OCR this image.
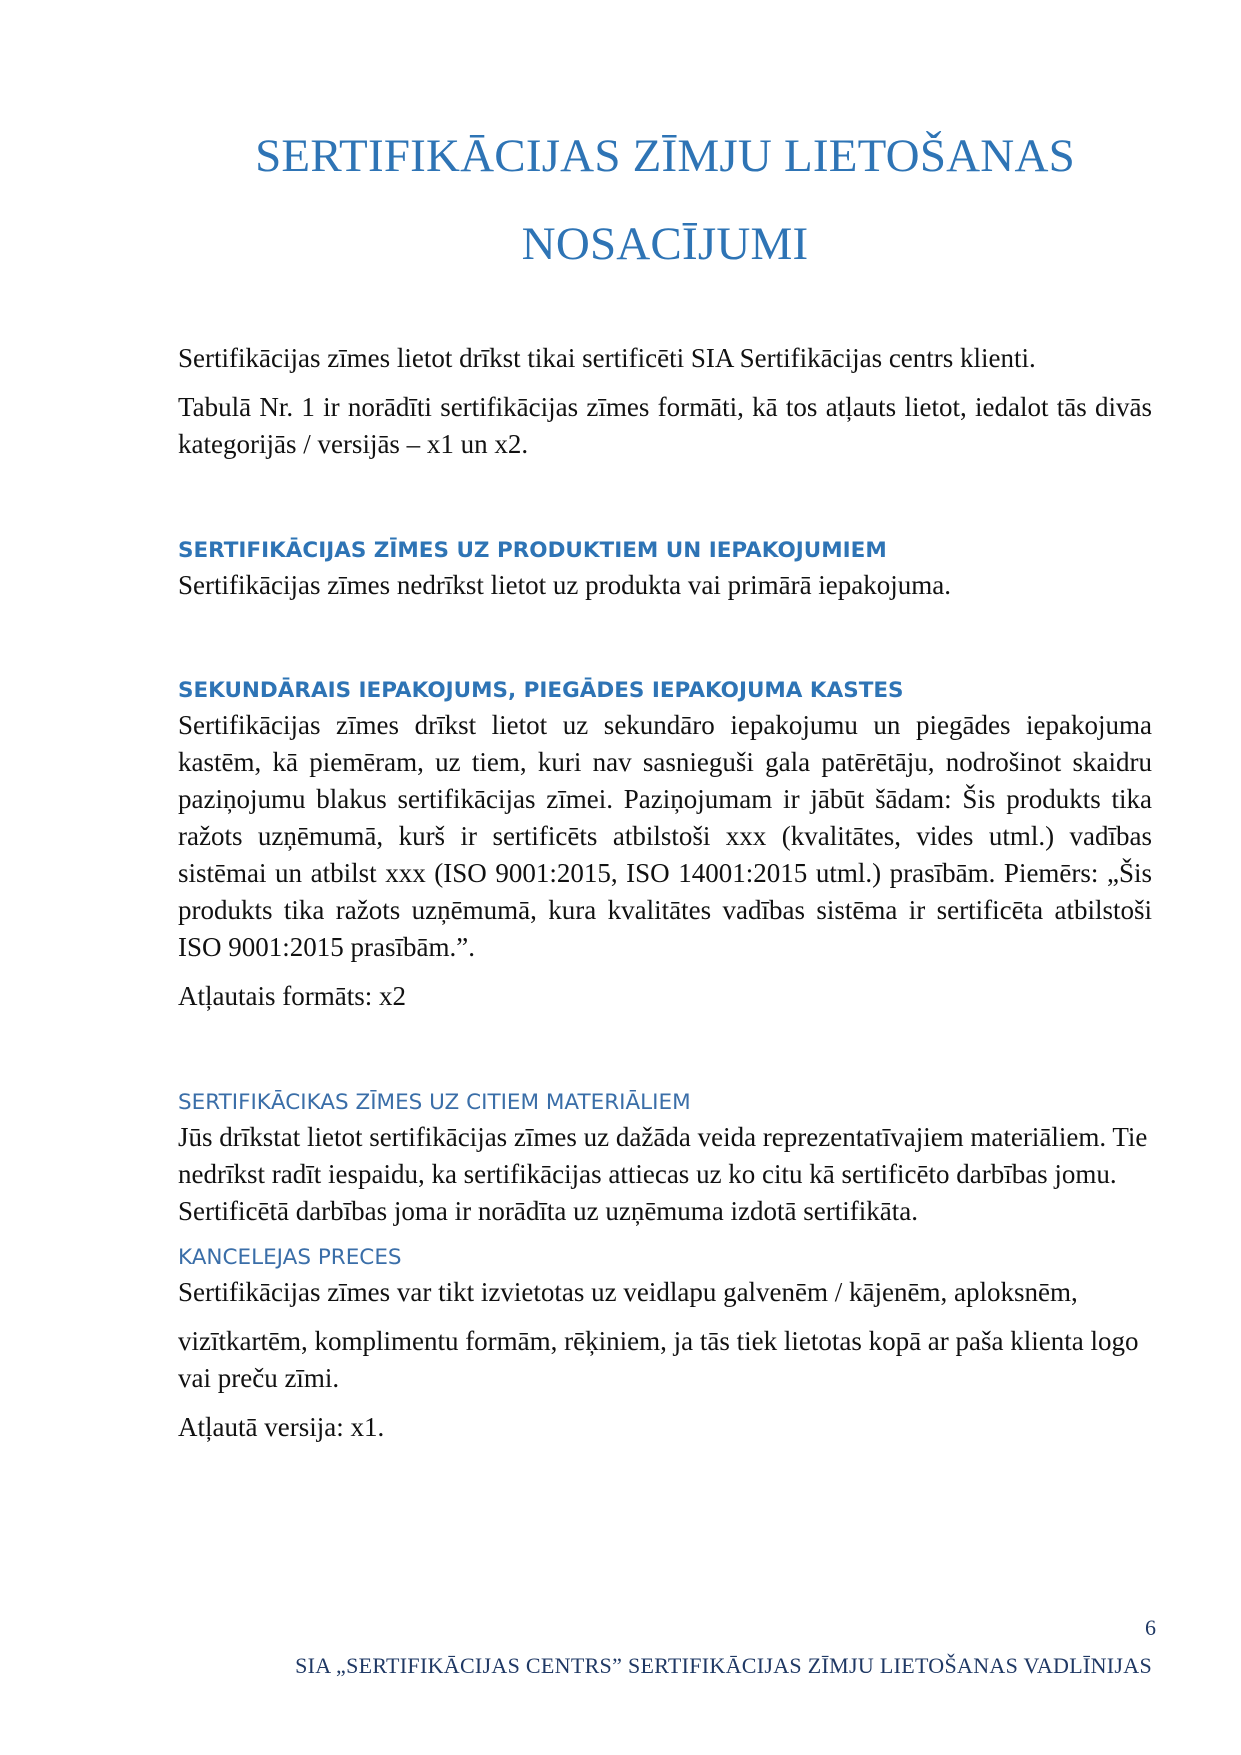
SERTIFIKĀCIJAS ZĪMJU LIETOŠANAS
NOSACĪJUMI

Sertifikācijas zīmes lietot drīkst tikai sertificēti SIA Sertifikācijas centrs klienti.

Tabulā Nr. 1 ir norādīti sertifikācijas zīmes formāti, kā tos atļauts lietot, iedalot tās divās kategorijās / versijās – x1 un x2.

SERTIFIKĀCIJAS ZĪMES UZ PRODUKTIEM UN IEPAKOJUMIEM

Sertifikācijas zīmes nedrīkst lietot uz produkta vai primārā iepakojuma.

SEKUNDĀRAIS IEPAKOJUMS, PIEGĀDES IEPAKOJUMA KASTES

Sertifikācijas zīmes drīkst lietot uz sekundāro iepakojumu un piegādes iepakojuma kastēm, kā piemēram, uz tiem, kuri nav sasnieguši gala patērētāju, nodrošinot skaidru paziņojumu blakus sertifikācijas zīmei. Paziņojumam ir jābūt šādam: Šis produkts tika ražots uzņēmumā, kurš ir sertificēts atbilstoši xxx (kvalitātes, vides utml.) vadības sistēmai un atbilst xxx (ISO 9001:2015, ISO 14001:2015 utml.) prasībām. Piemērs: „Šis produkts tika ražots uzņēmumā, kura kvalitātes vadības sistēma ir sertificēta atbilstoši ISO 9001:2015 prasībām.”.

Atļautais formāts: x2

SERTIFIKĀCIKAS ZĪMES UZ CITIEM MATERIĀLIEM

Jūs drīkstat lietot sertifikācijas zīmes uz dažāda veida reprezentatīvajiem materiāliem. Tie nedrīkst radīt iespaidu, ka sertifikācijas attiecas uz ko citu kā sertificēto darbības jomu. Sertificētā darbības joma ir norādīta uz uzņēmuma izdotā sertifikāta.

KANCELEJAS PRECES

Sertifikācijas zīmes var tikt izvietotas uz veidlapu galvenēm / kājenēm, aploksnēm,

vizītkartēm, komplimentu formām, rēķiniem, ja tās tiek lietotas kopā ar paša klienta logo vai preču zīmi.

Atļautā versija: x1.

6
SIA „SERTIFIKĀCIJAS CENTRS” SERTIFIKĀCIJAS ZĪMJU LIETOŠANAS VADLĪNIJAS
